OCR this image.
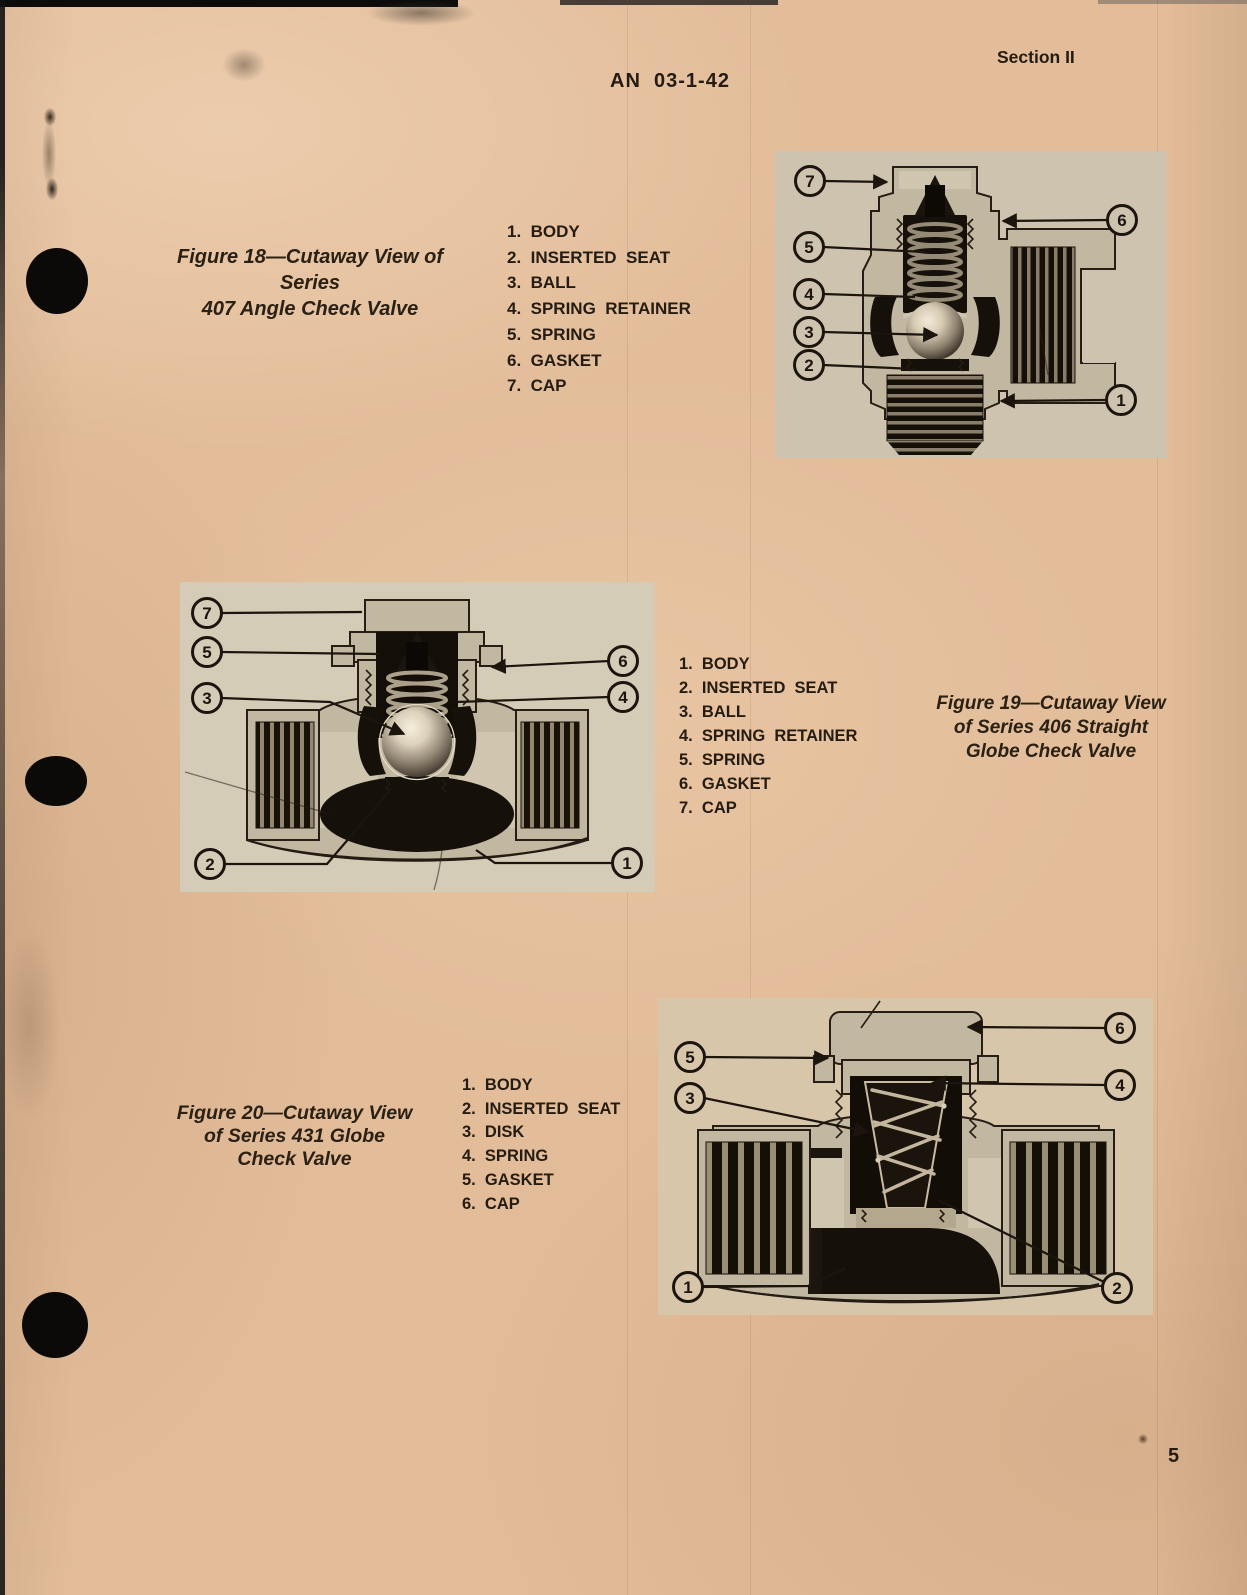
AN  03-1-42
Section II
5
Figure 18—Cutaway View of Series
407 Angle Check Valve
1.  BODY
2.  INSERTED  SEAT
3.  BALL
4.  SPRING  RETAINER
5.  SPRING
6.  GASKET
7.  CAP
7
6
5
4
3
2
1
1.  BODY
2.  INSERTED  SEAT
3.  BALL
4.  SPRING  RETAINER
5.  SPRING
6.  GASKET
7.  CAP
Figure 19—Cutaway View
of Series 406 Straight
Globe Check Valve
7
5
3
2
6
4
1
Figure 20—Cutaway View
of Series 431 Globe
Check Valve
1.  BODY
2.  INSERTED  SEAT
3.  DISK
4.  SPRING
5.  GASKET
6.  CAP
5
3
1
6
4
2
